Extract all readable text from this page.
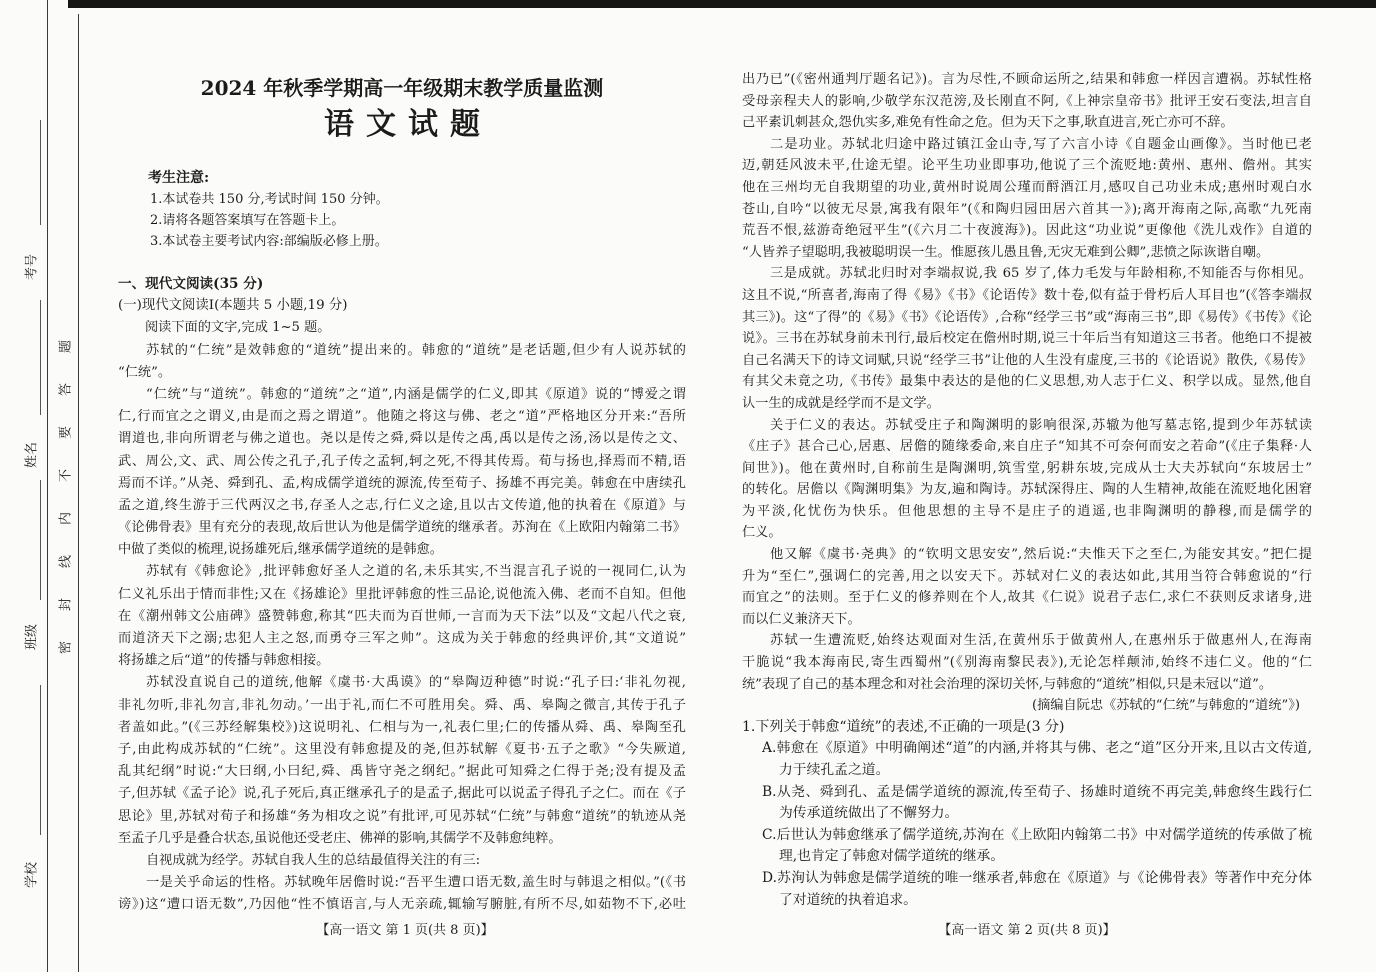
考号
姓名
班级
学校
密封线内不要答题
2024 年秋季学期高一年级期末教学质量监测
语文试题
考生注意:
1.本试卷共 150 分,考试时间 150 分钟。
2.请将各题答案填写在答题卡上。
3.本试卷主要考试内容:部编版必修上册。
一、现代文阅读(35 分)
(一)现代文阅读Ⅰ(本题共 5 小题,19 分)
阅读下面的文字,完成 1~5 题。
苏轼的“仁统”是效韩愈的“道统”提出来的。韩愈的“道统”是老话题,但少有人说苏轼的
“仁统”。
“仁统”与“道统”。韩愈的“道统”之“道”,内涵是儒学的仁义,即其《原道》说的“博爱之谓
仁,行而宜之之谓义,由是而之焉之谓道”。他随之将这与佛、老之“道”严格地区分开来:“吾所
谓道也,非向所谓老与佛之道也。尧以是传之舜,舜以是传之禹,禹以是传之汤,汤以是传之文、
武、周公,文、武、周公传之孔子,孔子传之孟轲,轲之死,不得其传焉。荀与扬也,择焉而不精,语
焉而不详。”从尧、舜到孔、孟,构成儒学道统的源流,传至荀子、扬雄不再完美。韩愈在中唐续孔
孟之道,终生游于三代两汉之书,存圣人之志,行仁义之途,且以古文传道,他的执着在《原道》与
《论佛骨表》里有充分的表现,故后世认为他是儒学道统的继承者。苏洵在《上欧阳内翰第二书》
中做了类似的梳理,说扬雄死后,继承儒学道统的是韩愈。
苏轼有《韩愈论》,批评韩愈好圣人之道的名,未乐其实,不当混言孔子说的一视同仁,认为
仁义礼乐出于情而非性;又在《扬雄论》里批评韩愈的性三品论,说他流入佛、老而不自知。但他
在《潮州韩文公庙碑》盛赞韩愈,称其“匹夫而为百世师,一言而为天下法”以及“文起八代之衰,
而道济天下之溺;忠犯人主之怒,而勇夺三军之帅”。这成为关于韩愈的经典评价,其“文道说”
将扬雄之后“道”的传播与韩愈相接。
苏轼没直说自己的道统,他解《虞书·大禹谟》的“皋陶迈种德”时说:“孔子曰:‘非礼勿视,
非礼勿听,非礼勿言,非礼勿动。’一出于礼,而仁不可胜用矣。舜、禹、皋陶之微言,其传于孔子
者盖如此。”(《三苏经解集校》)这说明礼、仁相与为一,礼表仁里;仁的传播从舜、禹、皋陶至孔
子,由此构成苏轼的“仁统”。这里没有韩愈提及的尧,但苏轼解《夏书·五子之歌》“今失厥道,
乱其纪纲”时说:“大曰纲,小曰纪,舜、禹皆守尧之纲纪。”据此可知舜之仁得于尧;没有提及孟
子,但苏轼《孟子论》说,孔子死后,真正继承孔子的是孟子,据此可以说孟子得孔子之仁。而在《子
思论》里,苏轼对荀子和扬雄“务为相攻之说”有批评,可见苏轼“仁统”与韩愈“道统”的轨迹从尧
至孟子几乎是叠合状态,虽说他还受老庄、佛禅的影响,其儒学不及韩愈纯粹。
自视成就为经学。苏轼自我人生的总结最值得关注的有三:
一是关乎命运的性格。苏轼晚年居儋时说:“吾平生遭口语无数,盖生时与韩退之相似。”(《书
谤》)这“遭口语无数”,乃因他“性不慎语言,与人无亲疏,辄输写腑脏,有所不尽,如茹物不下,必吐
出乃已”(《密州通判厅题名记》)。言为尽性,不顾命运所之,结果和韩愈一样因言遭祸。苏轼性格
受母亲程夫人的影响,少敬学东汉范滂,及长刚直不阿,《上神宗皇帝书》批评王安石变法,坦言自
己平素讥刺甚众,怨仇实多,难免有性命之危。但为天下之事,耿直进言,死亡亦可不辞。
二是功业。苏轼北归途中路过镇江金山寺,写了六言小诗《自题金山画像》。当时他已老
迈,朝廷风波未平,仕途无望。论平生功业即事功,他说了三个流贬地:黄州、惠州、儋州。其实
他在三州均无自我期望的功业,黄州时说周公瑾而酹酒江月,感叹自己功业未成;惠州时观白水
苍山,自吟“以彼无尽景,寓我有限年”(《和陶归园田居六首其一》);离开海南之际,高歌“九死南
荒吾不恨,兹游奇绝冠平生”(《六月二十夜渡海》)。因此这“功业说”更像他《洗儿戏作》自道的
“人皆养子望聪明,我被聪明误一生。惟愿孩儿愚且鲁,无灾无难到公卿”,悲愤之际诙谐自嘲。
三是成就。苏轼北归时对李端叔说,我 65 岁了,体力毛发与年龄相称,不知能否与你相见。
这且不说,“所喜者,海南了得《易》《书》《论语传》数十卷,似有益于骨朽后人耳目也”(《答李端叔
其三》)。这“了得”的《易》《书》《论语传》,合称“经学三书”或“海南三书”,即《易传》《书传》《论
说》。三书在苏轼身前未刊行,最后校定在儋州时期,说三十年后当有知道这三书者。他绝口不提被
自己名满天下的诗文词赋,只说“经学三书”让他的人生没有虚度,三书的《论语说》散佚,《易传》
有其父未竟之功,《书传》最集中表达的是他的仁义思想,劝人志于仁义、积学以成。显然,他自
认一生的成就是经学而不是文学。
关于仁义的表达。苏轼受庄子和陶渊明的影响很深,苏辙为他写墓志铭,提到少年苏轼读
《庄子》甚合己心,居惠、居儋的随缘委命,来自庄子“知其不可奈何而安之若命”(《庄子集释·人
间世》)。他在黄州时,自称前生是陶渊明,筑雪堂,躬耕东坡,完成从士大夫苏轼向“东坡居士”
的转化。居儋以《陶渊明集》为友,遍和陶诗。苏轼深得庄、陶的人生精神,故能在流贬地化困窘
为平淡,化忧伤为快乐。但他思想的主导不是庄子的逍遥,也非陶渊明的静穆,而是儒学的
仁义。
他又解《虞书·尧典》的“钦明文思安安”,然后说:“夫惟天下之至仁,为能安其安。”把仁提
升为“至仁”,强调仁的完善,用之以安天下。苏轼对仁义的表达如此,其用当符合韩愈说的“行
而宜之”的法则。至于仁义的修养则在个人,故其《仁说》说君子志仁,求仁不获则反求诸身,进
而以仁义兼济天下。
苏轼一生遭流贬,始终达观面对生活,在黄州乐于做黄州人,在惠州乐于做惠州人,在海南
干脆说“我本海南民,寄生西蜀州”(《别海南黎民表》),无论怎样颠沛,始终不违仁义。他的“仁
统”表现了自己的基本理念和对社会治理的深切关怀,与韩愈的“道统”相似,只是未冠以“道”。
(摘编自阮忠《苏轼的“仁统”与韩愈的“道统”》)
1.下列关于韩愈“道统”的表述,不正确的一项是(3 分)
A.韩愈在《原道》中明确阐述“道”的内涵,并将其与佛、老之“道”区分开来,且以古文传道,
力于续孔孟之道。
B.从尧、舜到孔、孟是儒学道统的源流,传至荀子、扬雄时道统不再完美,韩愈终生践行仁
为传承道统做出了不懈努力。
C.后世认为韩愈继承了儒学道统,苏洵在《上欧阳内翰第二书》中对儒学道统的传承做了梳
理,也肯定了韩愈对儒学道统的继承。
D.苏洵认为韩愈是儒学道统的唯一继承者,韩愈在《原道》与《论佛骨表》等著作中充分体
了对道统的执着追求。
【高一语文 第 1 页(共 8 页)】	【高一语文 第 2 页(共 8 页)】
